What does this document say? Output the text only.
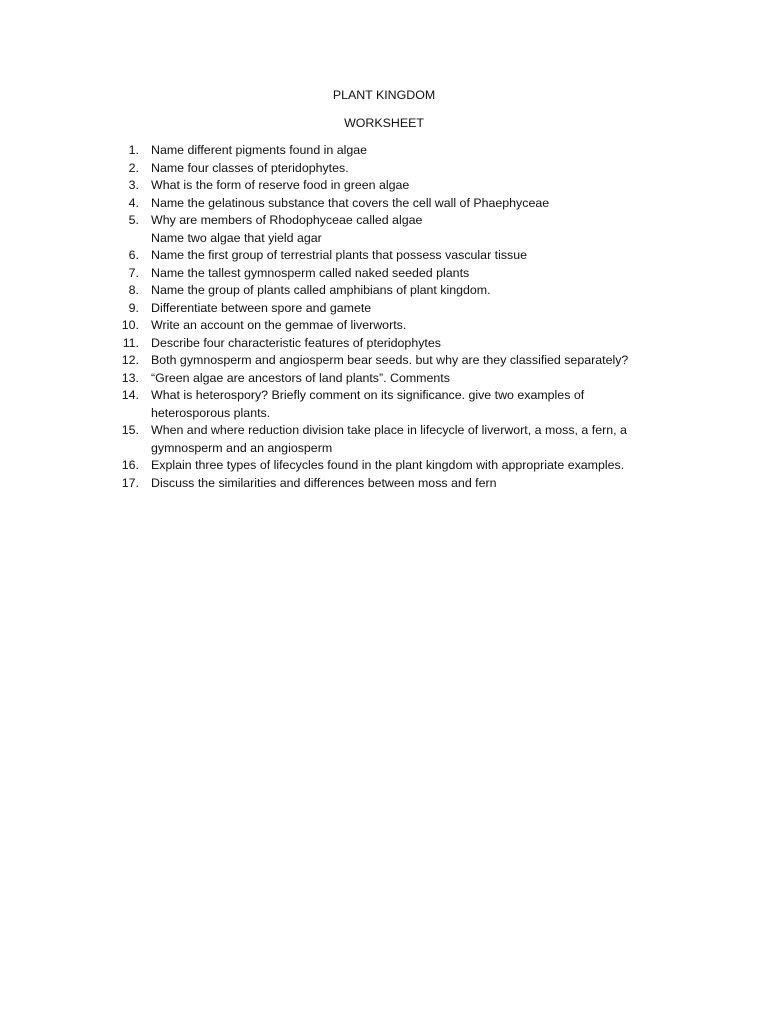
PLANT KINGDOM
WORKSHEET
1. Name different pigments found in algae
2. Name four classes of pteridophytes.
3. What is the form of reserve food in green algae
4. Name the gelatinous substance that covers the cell wall of Phaephyceae
5. Why are members of Rhodophyceae called algae
Name two algae that yield agar
6. Name the first group of terrestrial plants that possess vascular tissue
7. Name the tallest gymnosperm called naked seeded plants
8. Name the group of plants called amphibians of plant kingdom.
9. Differentiate between spore and gamete
10. Write an account on the gemmae of liverworts.
11. Describe four characteristic features of pteridophytes
12. Both gymnosperm and angiosperm bear seeds. but why are they classified separately?
13. “Green algae are ancestors of land plants”. Comments
14. What is heterospory? Briefly comment on its significance. give two examples of heterosporous plants.
15. When and where reduction division take place in lifecycle of liverwort, a moss, a fern, a gymnosperm and an angiosperm
16. Explain three types of lifecycles found in the plant kingdom with appropriate examples.
17. Discuss the similarities and differences between moss and fern
